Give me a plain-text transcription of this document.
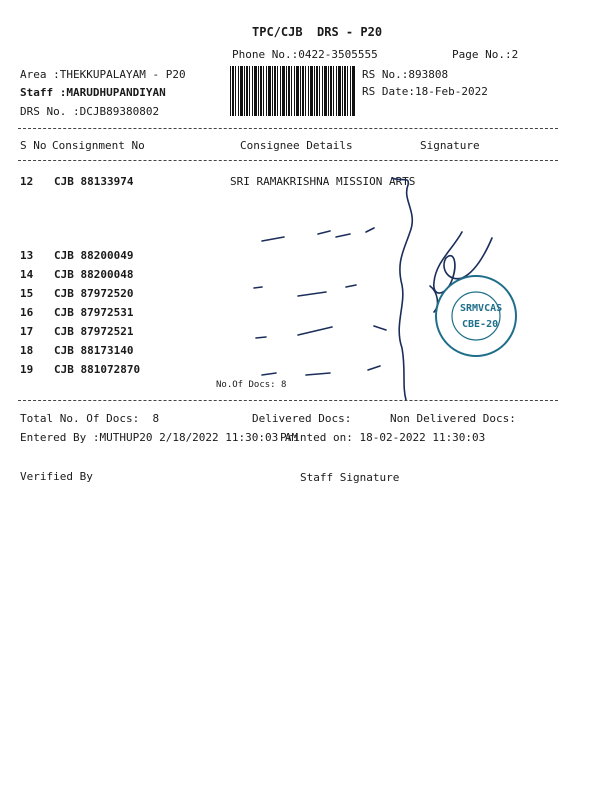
TPC/CJB  DRS - P20
Phone No.:0422-3505555	Page No.:2
Area :THEKKUPALAYAM - P20
Staff :MARUDHUPANDIYAN
DRS No. :DCJB89380802
RS No.:893808
RS Date:18-Feb-2022
S No Consignment No	Consignee Details	Signature
12 CJB 88133974	SRI RAMAKRISHNA MISSION ARTS
13 CJB 88200049
14 CJB 88200048
15 CJB 87972520
16 CJB 87972531
17 CJB 87972521
18 CJB 88173140
19 CJB 881072870
No.Of Docs: 8
SRMVCAS
CBE-20
Total No. Of Docs:  8	Delivered Docs:	Non Delivered Docs:
Entered By :MUTHUP20 2/18/2022 11:30:03 AM
Printed on: 18-02-2022 11:30:03
Verified By	Staff Signature
